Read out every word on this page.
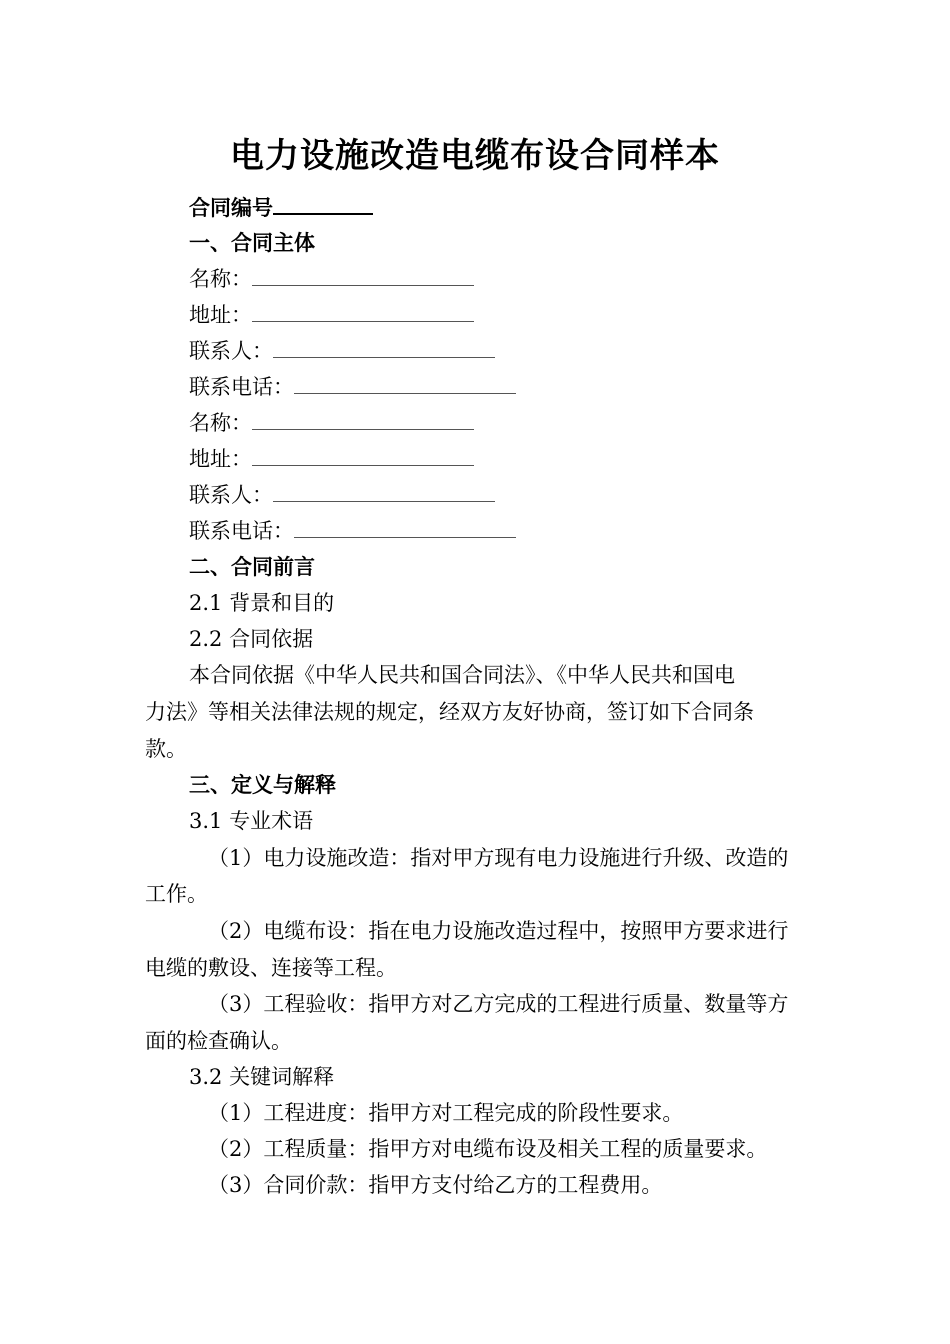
电力设施改造电缆布设合同样本
合同编号
一、合同主体
名称：
地址：
联系人：
联系电话：
名称：
地址：
联系人：
联系电话：
二、合同前言
2.1 背景和目的
2.2 合同依据
本合同依据《中华人民共和国合同法》、《中华人民共和国电
力法》等相关法律法规的规定，经双方友好协商，签订如下合同条
款。
三、定义与解释
3.1 专业术语
（1）电力设施改造：指对甲方现有电力设施进行升级、改造的
工作。
（2）电缆布设：指在电力设施改造过程中，按照甲方要求进行
电缆的敷设、连接等工程。
（3）工程验收：指甲方对乙方完成的工程进行质量、数量等方
面的检查确认。
3.2 关键词解释
（1）工程进度：指甲方对工程完成的阶段性要求。
（2）工程质量：指甲方对电缆布设及相关工程的质量要求。
（3）合同价款：指甲方支付给乙方的工程费用。
